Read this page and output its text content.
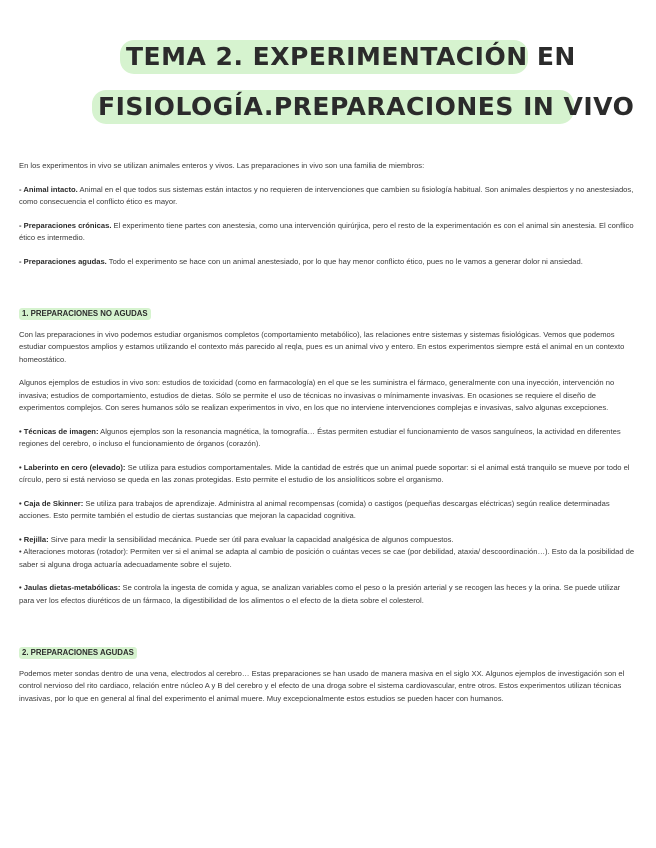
TEMA 2. EXPERIMENTACIÓN EN
FISIOLOGÍA.PREPARACIONES IN VIVO

En los experimentos in vivo se utilizan animales enteros y vivos. Las preparaciones in vivo son una familia de miembros:

- Animal intacto. Animal en el que todos sus sistemas están intactos y no requieren de intervenciones que cambien su fisiología habitual. Son animales despiertos y no anestesiados, como consecuencia el conflicto ético es mayor.

- Preparaciones crónicas. El experimento tiene partes con anestesia, como una intervención quirúrjica, pero el resto de la experimentación es con el animal sin anestesia. El conflico ético es intermedio.

- Preparaciones agudas. Todo el experimento se hace con un animal anestesiado, por lo que hay menor conflicto ético, pues no le vamos a generar dolor ni ansiedad.

1. PREPARACIONES NO AGUDAS

Con las preparaciones in vivo podemos estudiar organismos completos (comportamiento metabólico), las relaciones entre sistemas y sistemas fisiológicas. Vemos que podemos estudiar compuestos amplios y estamos utilizando el contexto más parecido al reqla, pues es un animal vivo y entero. En estos experimentos siempre está el animal en un contexto homeostático.

Algunos ejemplos de estudios in vivo son: estudios de toxicidad (como en farmacología) en el que se les suministra el fármaco, generalmente con una inyección, intervención no invasiva; estudios de comportamiento, estudios de dietas. Sólo se permite el uso de técnicas no invasivas o mínimamente invasivas. En ocasiones se requiere el diseño de experimentos complejos. Con seres humanos sólo se realizan experimentos in vivo, en los que no interviene intervenciones complejas e invasivas, salvo algunas excepciones.

• Técnicas de imagen: Algunos ejemplos son la resonancia magnética, la tomografía… Éstas permiten estudiar el funcionamiento de vasos sanguíneos, la actividad en diferentes regiones del cerebro, o incluso el funcionamiento de órganos (corazón).

• Laberinto en cero (elevado): Se utiliza para estudios comportamentales. Mide la cantidad de estrés que un animal puede soportar: si el animal está tranquilo se mueve por todo el círculo, pero si está nervioso se queda en las zonas protegidas. Esto permite el estudio de los ansiolíticos sobre el organismo.

• Caja de Skinner: Se utiliza para trabajos de aprendizaje. Administra al animal recompensas (comida) o castigos (pequeñas descargas eléctricas) según realice determinadas acciones. Esto permite también el estudio de ciertas sustancias que mejoran la capacidad cognitiva.

• Rejilla: Sirve para medir la sensibilidad mecánica. Puede ser útil para evaluar la capacidad analgésica de algunos compuestos.

• Alteraciones motoras (rotador): Permiten ver si el animal se adapta al cambio de posición o cuántas veces se cae (por debilidad, ataxia/ descoordinación…). Esto da la posibilidad de saber si alguna droga actuaría adecuadamente sobre el sujeto.

• Jaulas dietas-metabólicas: Se controla la ingesta de comida y agua, se analizan variables como el peso o la presión arterial y se recogen las heces y la orina. Se puede utilizar para ver los efectos diuréticos de un fármaco, la digestibilidad de los alimentos o el efecto de la dieta sobre el colesterol.

2. PREPARACIONES AGUDAS

Podemos meter sondas dentro de una vena, electrodos al cerebro… Estas preparaciones se han usado de manera masiva en el siglo XX. Algunos ejemplos de investigación son el control nervioso del rito cardiaco, relación entre núcleo A y B del cerebro y el efecto de una droga sobre el sistema cardiovascular, entre otros. Estos experimentos utilizan técnicas invasivas, por lo que en general al final del experimento el animal muere. Muy excepcionalmente estos estudios se pueden hacer con humanos.
